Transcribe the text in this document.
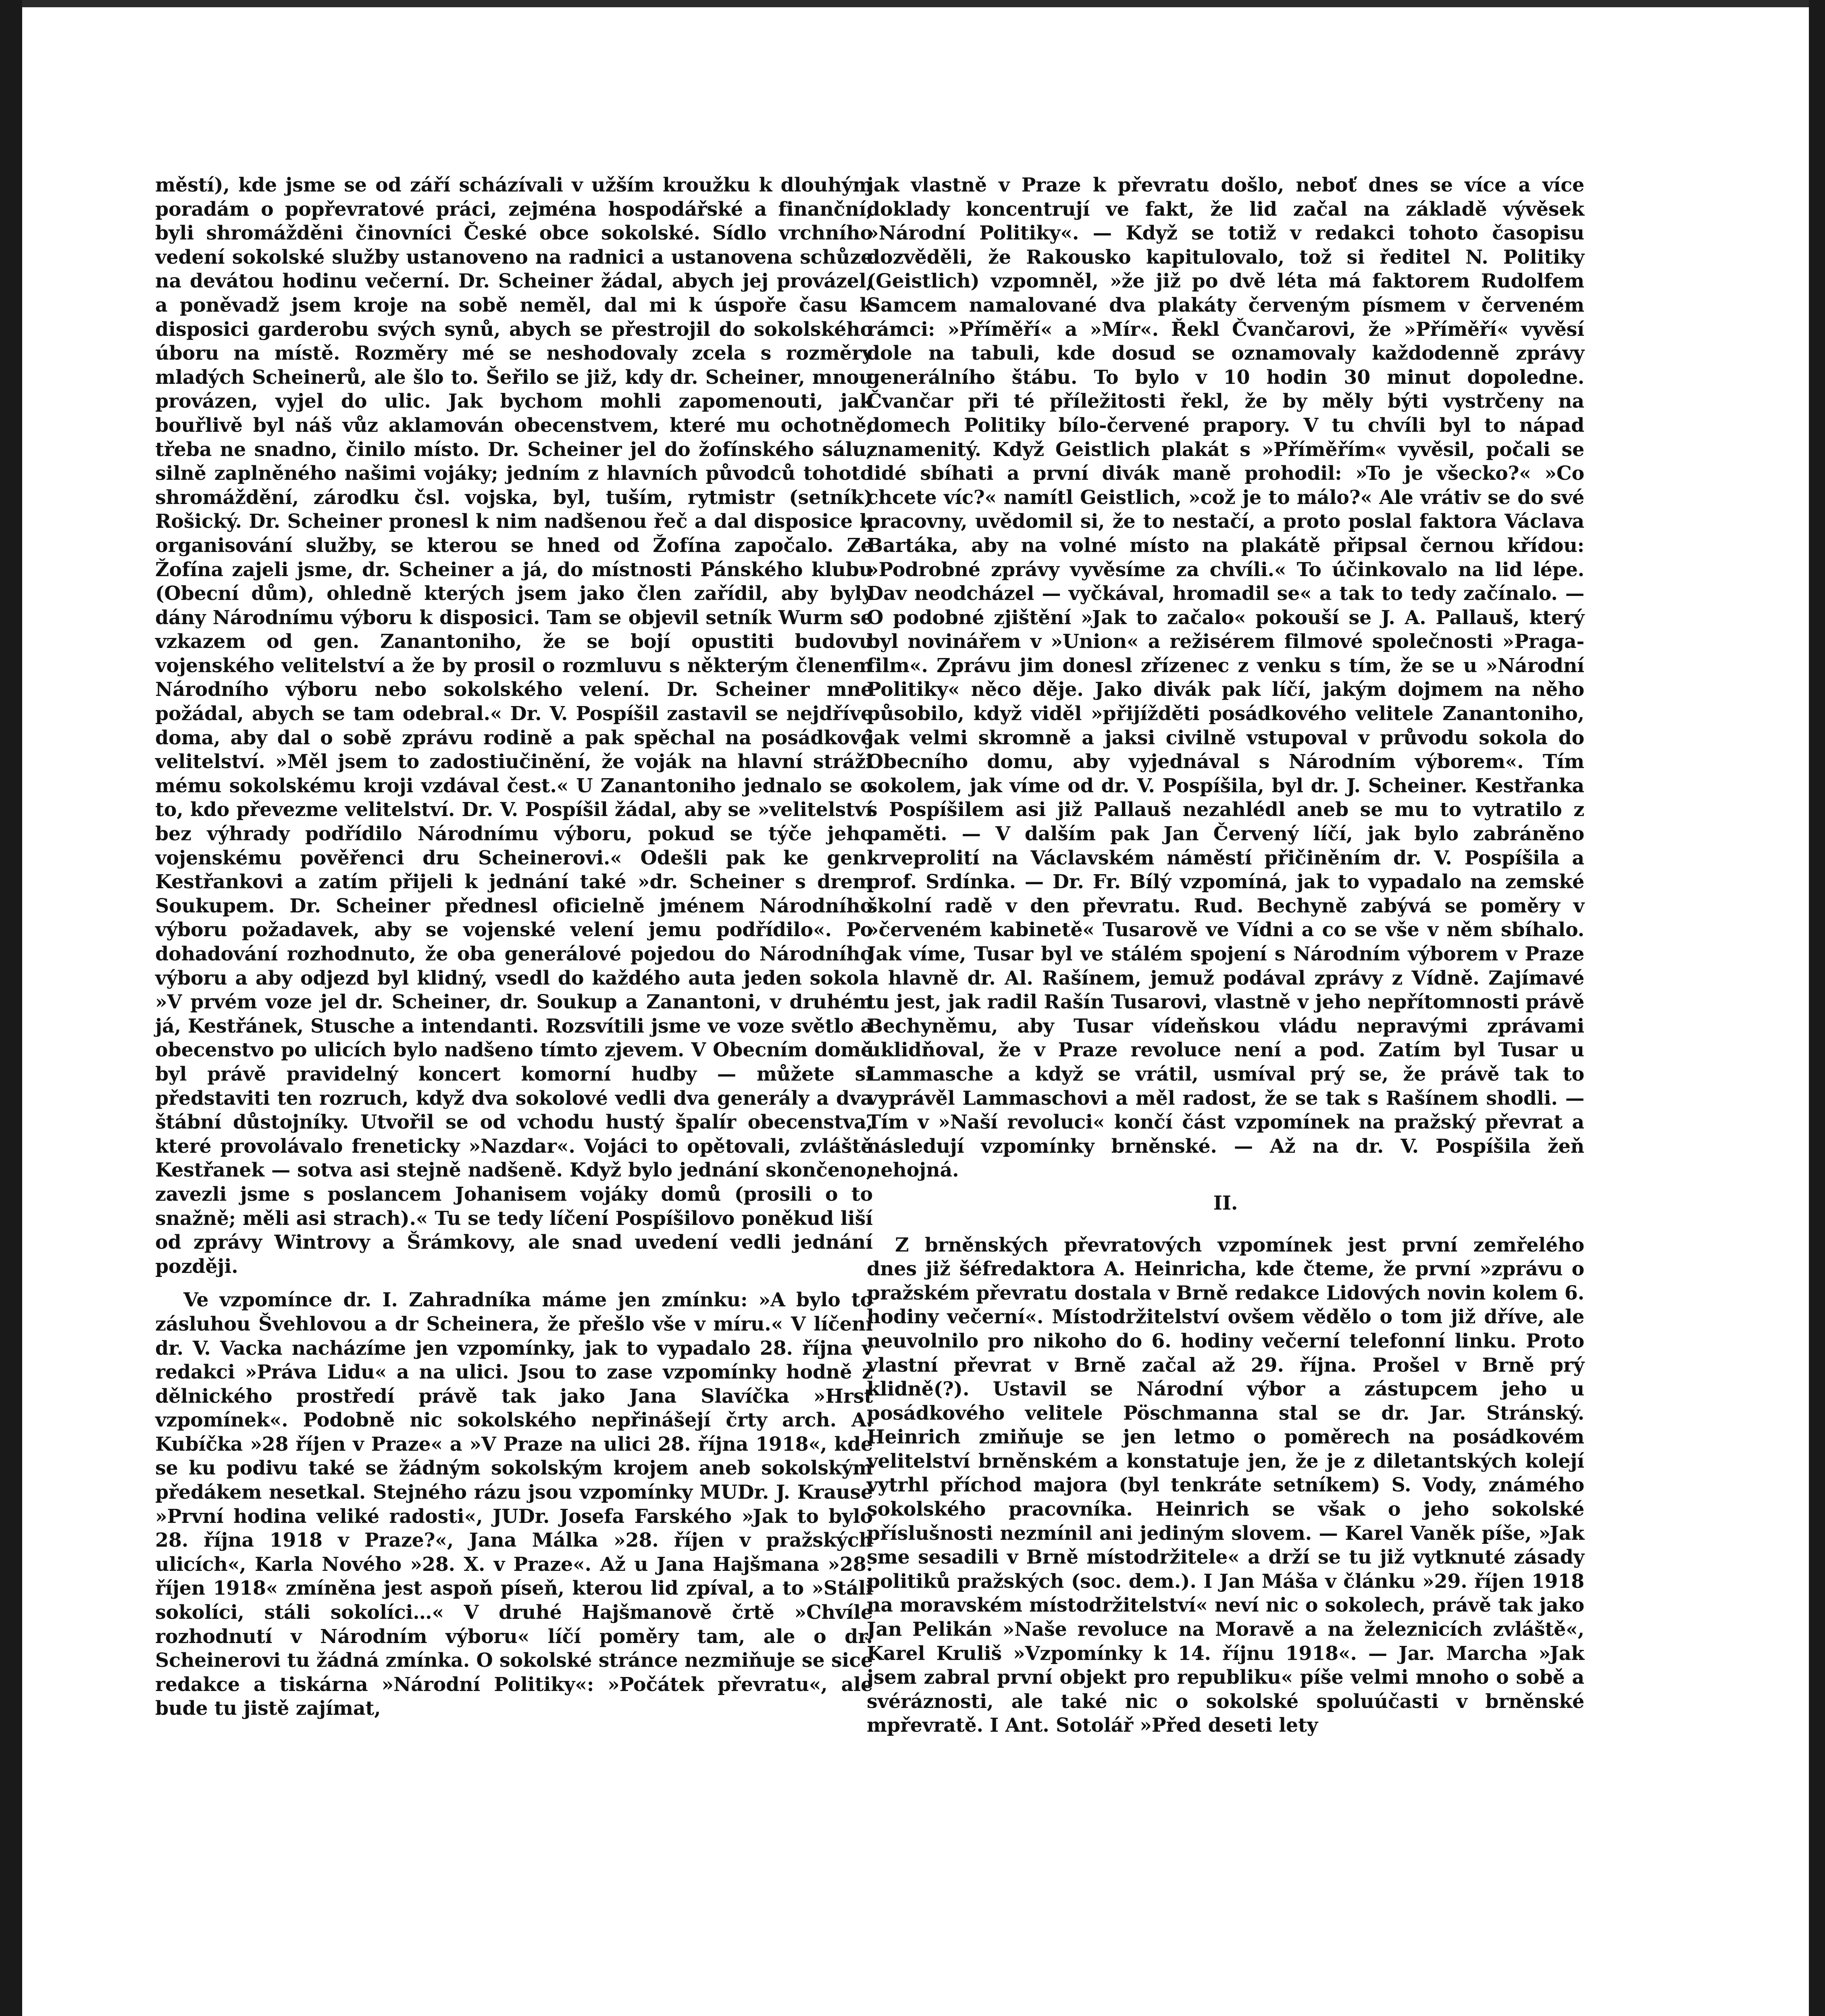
městí), kde jsme se od září scházívali v užším kroužku k dlouhým poradám o popřevratové práci, zejména hospodářské a finanční, byli shromážděni činovníci České obce sokolské. Sídlo vrchního vedení sokolské služby ustanoveno na radnici a ustanovena schůze na devátou hodinu večerní. Dr. Scheiner žádal, abych jej provázel, a poněvadž jsem kroje na sobě neměl, dal mi k úspoře času k disposici garderobu svých synů, abych se přestrojil do sokolského úboru na místě. Rozměry mé se neshodovaly zcela s rozměry mladých Scheinerů, ale šlo to. Šeřilo se již, kdy dr. Scheiner, mnou provázen, vyjel do ulic. Jak bychom mohli zapomenouti, jak bouřlivě byl náš vůz aklamován obecenstvem, které mu ochotně, třeba ne snadno, činilo místo. Dr. Scheiner jel do žofínského sálu, silně zaplněného našimi vojáky; jedním z hlavních původců tohoto shromáždění, zárodku čsl. vojska, byl, tuším, rytmistr (setník) Rošický. Dr. Scheiner pronesl k nim nadšenou řeč a dal disposice k organisování služby, se kterou se hned od Žofína započalo. Ze Žofína zajeli jsme, dr. Scheiner a já, do místnosti Pánského klubu (Obecní dům), ohledně kterých jsem jako člen zařídil, aby byly dány Národnímu výboru k disposici. Tam se objevil setník Wurm se vzkazem od gen. Zanantoniho, že se bojí opustiti budovu vojenského velitelství a že by prosil o rozmluvu s některým členem Národního výboru nebo sokolského velení. Dr. Scheiner mne požádal, abych se tam odebral.« Dr. V. Pospíšil zastavil se nejdříve doma, aby dal o sobě zprávu rodině a pak spěchal na posádkové velitelství. »Měl jsem to zadostiučinění, že voják na hlavní stráži mému sokolskému kroji vzdával čest.« U Zanantoniho jednalo se o to, kdo převezme velitelství. Dr. V. Pospíšil žádal, aby se »velitelství bez výhrady podřídilo Národnímu výboru, pokud se týče jeho vojenskému pověřenci dru Scheinerovi.« Odešli pak ke gen. Kestřankovi a zatím přijeli k jednání také »dr. Scheiner s drem Soukupem. Dr. Scheiner přednesl oficielně jménem Národního výboru požadavek, aby se vojenské velení jemu podřídilo«. Po dohadování rozhodnuto, že oba generálové pojedou do Národního výboru a aby odjezd byl klidný, vsedl do každého auta jeden sokol. »V prvém voze jel dr. Scheiner, dr. Soukup a Zanantoni, v druhém já, Kestřánek, Stusche a intendanti. Rozsvítili jsme ve voze světlo a obecenstvo po ulicích bylo nadšeno tímto zjevem. V Obecním domě byl právě pravidelný koncert komorní hudby — můžete si představiti ten rozruch, když dva sokolové vedli dva generály a dva štábní důstojníky. Utvořil se od vchodu hustý špalír obecenstva, které provolávalo freneticky »Nazdar«. Vojáci to opětovali, zvláště Kestřanek — sotva asi stejně nadšeně. Když bylo jednání skončeno, zavezli jsme s poslancem Johanisem vojáky domů (prosili o to snažně; měli asi strach).« Tu se tedy líčení Pospíšilovo poněkud liší od zprávy Wintrovy a Šrámkovy, ale snad uvedení vedli jednání později.

Ve vzpomínce dr. I. Zahradníka máme jen zmínku: »A bylo to zásluhou Švehlovou a dr Scheinera, že přešlo vše v míru.« V líčení dr. V. Vacka nacházíme jen vzpomínky, jak to vypadalo 28. října v redakci »Práva Lidu« a na ulici. Jsou to zase vzpomínky hodně z dělnického prostředí právě tak jako Jana Slavíčka »Hrst vzpomínek«. Podobně nic sokolského nepřinášejí črty arch. A. Kubíčka »28 říjen v Praze« a »V Praze na ulici 28. října 1918«, kde se ku podivu také se žádným sokolským krojem aneb sokolským předákem nesetkal. Stejného rázu jsou vzpomínky MUDr. J. Krause »První hodina veliké radosti«, JUDr. Josefa Farského »Jak to bylo 28. října 1918 v Praze?«, Jana Málka »28. říjen v pražských ulicích«, Karla Nového »28. X. v Praze«. Až u Jana Hajšmana »28. říjen 1918« zmíněna jest aspoň píseň, kterou lid zpíval, a to »Stáli sokolíci, stáli sokolíci…« V druhé Hajšmanově črtě »Chvíle rozhodnutí v Národním výboru« líčí poměry tam, ale o dr. Scheinerovi tu žádná zmínka. O sokolské stránce nezmiňuje se sice redakce a tiskárna »Národní Politiky«: »Počátek převratu«, ale bude tu jistě zajímat,

jak vlastně v Praze k převratu došlo, neboť dnes se více a více doklady koncentrují ve fakt, že lid začal na základě vývěsek »Národní Politiky«. — Když se totiž v redakci tohoto časopisu dozvěděli, že Rakousko kapitulovalo, tož si ředitel N. Politiky (Geistlich) vzpomněl, »že již po dvě léta má faktorem Rudolfem Samcem namalované dva plakáty červeným písmem v červeném rámci: »Příměří« a »Mír«. Řekl Čvančarovi, že »Příměří« vyvěsí dole na tabuli, kde dosud se oznamovaly každodenně zprávy generálního štábu. To bylo v 10 hodin 30 minut dopoledne. Čvančar při té příležitosti řekl, že by měly býti vystrčeny na domech Politiky bílo-červené prapory. V tu chvíli byl to nápad znamenitý. Když Geistlich plakát s »Příměřím« vyvěsil, počali se lidé sbíhati a první divák maně prohodil: »To je všecko?« »Co chcete víc?« namítl Geistlich, »což je to málo?« Ale vrátiv se do své pracovny, uvědomil si, že to nestačí, a proto poslal faktora Václava Bartáka, aby na volné místo na plakátě připsal černou křídou: »Podrobné zprávy vyvěsíme za chvíli.« To účinkovalo na lid lépe. Dav neodcházel — vyčkával, hromadil se« a tak to tedy začínalo. — O podobné zjištění »Jak to začalo« pokouší se J. A. Pallauš, který byl novinářem v »Union« a režisérem filmové společnosti »Praga-film«. Zprávu jim donesl zřízenec z venku s tím, že se u »Národní Politiky« něco děje. Jako divák pak líčí, jakým dojmem na něho působilo, když viděl »přijížděti posádkového velitele Zanantoniho, jak velmi skromně a jaksi civilně vstupoval v průvodu sokola do Obecního domu, aby vyjednával s Národním výborem«. Tím sokolem, jak víme od dr. V. Pospíšila, byl dr. J. Scheiner. Kestřanka s Pospíšilem asi již Pallauš nezahlédl aneb se mu to vytratilo z paměti. — V dalším pak Jan Červený líčí, jak bylo zabráněno krveprolití na Václavském náměstí přičiněním dr. V. Pospíšila a prof. Srdínka. — Dr. Fr. Bílý vzpomíná, jak to vypadalo na zemské školní radě v den převratu. Rud. Bechyně zabývá se poměry v »červeném kabinetě« Tusarově ve Vídni a co se vše v něm sbíhalo. Jak víme, Tusar byl ve stálém spojení s Národním výborem v Praze a hlavně dr. Al. Rašínem, jemuž podával zprávy z Vídně. Zajímavé tu jest, jak radil Rašín Tusarovi, vlastně v jeho nepřítomnosti právě Bechyněmu, aby Tusar vídeňskou vládu nepravými zprávami uklidňoval, že v Praze revoluce není a pod. Zatím byl Tusar u Lammasche a když se vrátil, usmíval prý se, že právě tak to vyprávěl Lammaschovi a měl radost, že se tak s Rašínem shodli. — Tím v »Naší revoluci« končí část vzpomínek na pražský převrat a následují vzpomínky brněnské. — Až na dr. V. Pospíšila žeň nehojná.

II.

Z brněnských převratových vzpomínek jest první zemřelého dnes již šéfredaktora A. Heinricha, kde čteme, že první »zprávu o pražském převratu dostala v Brně redakce Lidových novin kolem 6. hodiny večerní«. Místodržitelství ovšem vědělo o tom již dříve, ale neuvolnilo pro nikoho do 6. hodiny večerní telefonní linku. Proto vlastní převrat v Brně začal až 29. října. Prošel v Brně prý klidně(?). Ustavil se Národní výbor a zástupcem jeho u posádkového velitele Pöschmanna stal se dr. Jar. Stránský. Heinrich zmiňuje se jen letmo o poměrech na posádkovém velitelství brněnském a konstatuje jen, že je z diletantských kolejí vytrhl příchod majora (byl tenkráte setníkem) S. Vody, známého sokolského pracovníka. Heinrich se však o jeho sokolské příslušnosti nezmínil ani jediným slovem. — Karel Vaněk píše, »Jak sme sesadili v Brně místodržitele« a drží se tu již vytknuté zásady politiků pražských (soc. dem.). I Jan Máša v článku »29. říjen 1918 na moravském místodržitelství« neví nic o sokolech, právě tak jako Jan Pelikán »Naše revoluce na Moravě a na železnicích zvláště«, Karel Kruliš »Vzpomínky k 14. říjnu 1918«. — Jar. Marcha »Jak jsem zabral první objekt pro republiku« píše velmi mnoho o sobě a svéráznosti, ale také nic o sokolské spoluúčasti v brněnské mpřevratě. I Ant. Sotolář »Před deseti lety
